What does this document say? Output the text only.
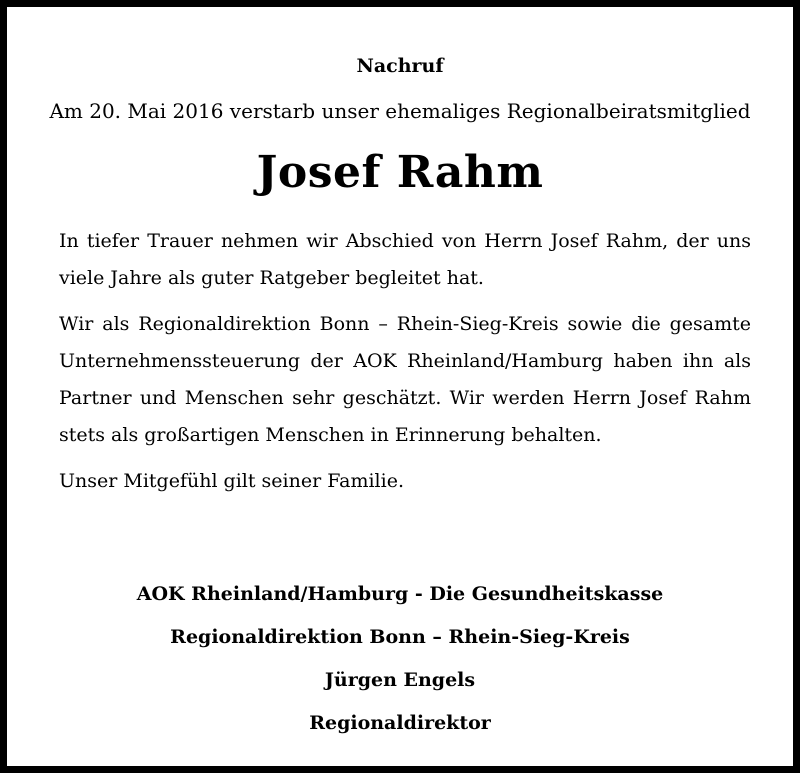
Nachruf
Am 20. Mai 2016 verstarb unser ehemaliges Regionalbeiratsmitglied
Josef Rahm

In tiefer Trauer nehmen wir Abschied von Herrn Josef Rahm, der uns viele Jahre als guter Ratgeber begleitet hat.

Wir als Regionaldirektion Bonn – Rhein-Sieg-Kreis sowie die gesamte Unternehmenssteuerung der AOK Rheinland/Hamburg haben ihn als Partner und Menschen sehr geschätzt. Wir werden Herrn Josef Rahm stets als großartigen Menschen in Erinnerung behalten.

Unser Mitgefühl gilt seiner Familie.

AOK Rheinland/Hamburg - Die Gesundheitskasse
Regionaldirektion Bonn – Rhein-Sieg-Kreis
Jürgen Engels
Regionaldirektor
